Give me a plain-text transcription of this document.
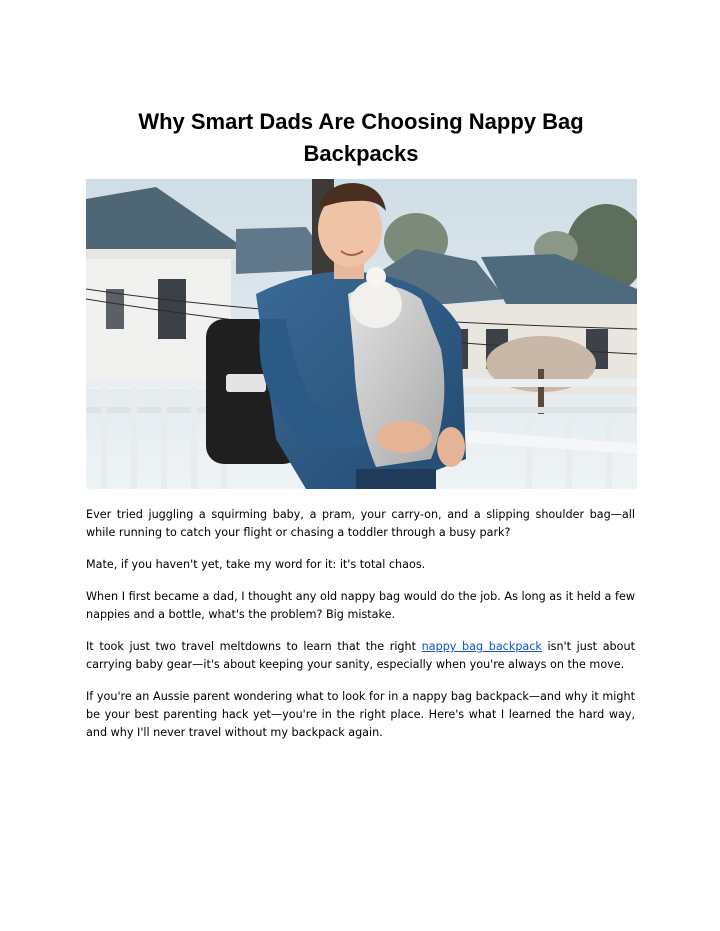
Why Smart Dads Are Choosing Nappy Bag Backpacks

Ever tried juggling a squirming baby, a pram, your carry-on, and a slipping shoulder bag—all while running to catch your flight or chasing a toddler through a busy park?

Mate, if you haven't yet, take my word for it: it's total chaos.

When I first became a dad, I thought any old nappy bag would do the job. As long as it held a few nappies and a bottle, what's the problem? Big mistake.

It took just two travel meltdowns to learn that the right nappy bag backpack isn't just about carrying baby gear—it's about keeping your sanity, especially when you're always on the move.

If you're an Aussie parent wondering what to look for in a nappy bag backpack—and why it might be your best parenting hack yet—you're in the right place. Here's what I learned the hard way, and why I'll never travel without my backpack again.
